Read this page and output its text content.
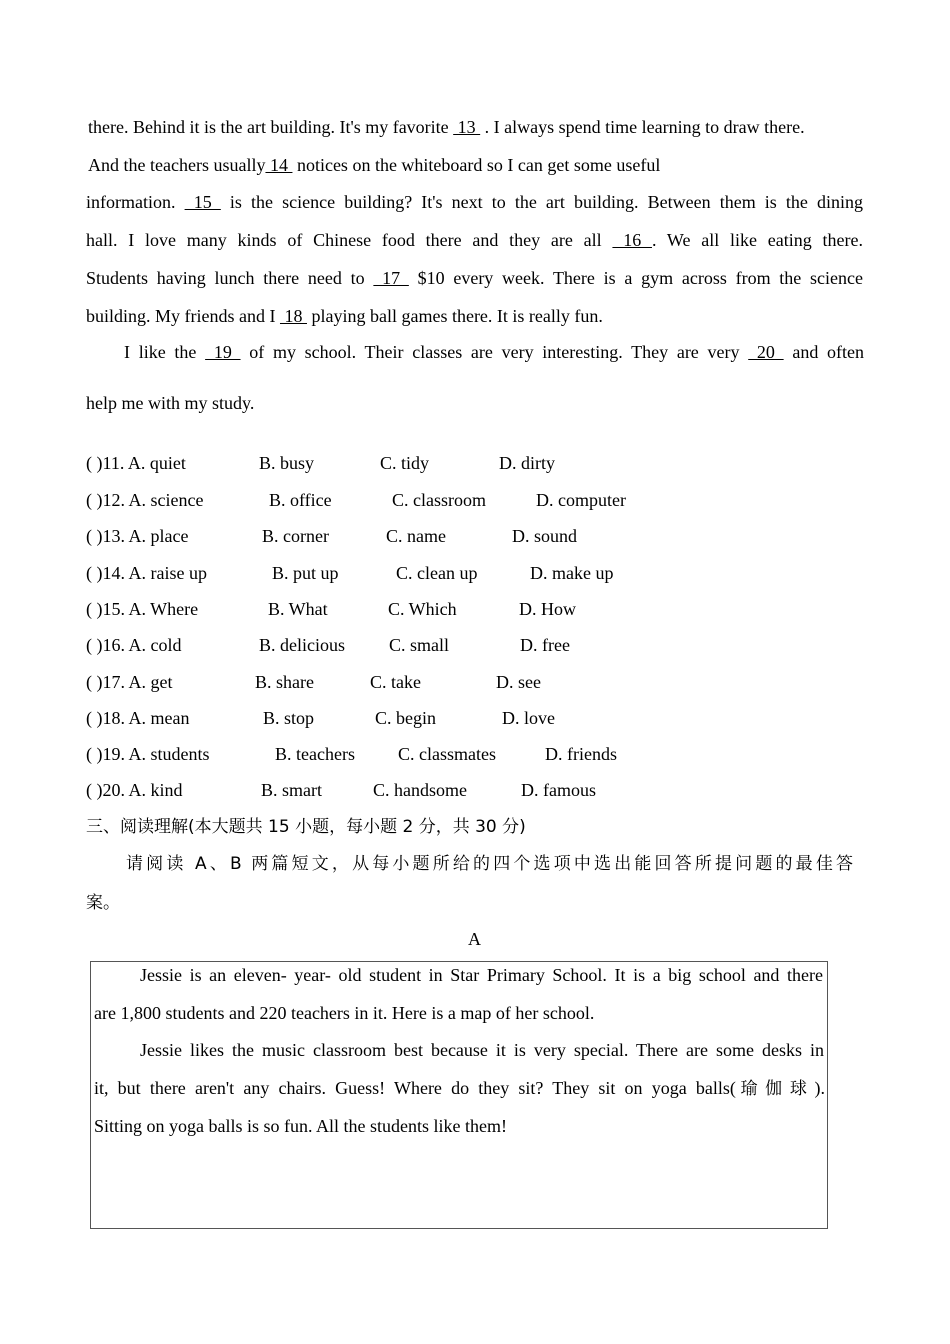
there. Behind it is the art building. It's my favorite  13  . I always spend time learning to draw there.
And the teachers usually 14  notices on the whiteboard so I can get some useful
information.  15  is the science building? It's next to the art building. Between them is the dining
hall. I love many kinds of Chinese food there and they are all  16 . We all like eating there.
Students having lunch there need to  17  $10 every week. There is a gym across from the science
building. My friends and I  18  playing ball games there. It is really fun.
I like the  19  of my school. Their classes are very interesting. They are very  20  and often
help me with my study.
( )11. A. quiet	B. busy	C. tidy	D. dirty
( )12. A. science	B. office	C. classroom	D. computer
( )13. A. place	B. corner	C. name	D. sound
( )14. A. raise up	B. put up	C. clean up	D. make up
( )15. A. Where	B. What	C. Which	D. How
( )16. A. cold	B. delicious C. small	D. free
( )17. A. get	B. share	C. take	D. see
( )18. A. mean	B. stop	C. begin	D. love
( )19. A. students	B. teachers C. classmates	D. friends
( )20. A. kind	B. smart	C. handsome	D. famous
三、阅读理解(本大题共 15 小题，每小题 2 分，共 30 分)
请阅读 A、B 两篇短文，从每小题所给的四个选项中选出能回答所提问题的最佳答
案。
A
Jessie is an eleven- year- old student in Star Primary School. It is a big school and there
are 1,800 students and 220 teachers in it. Here is a map of her school.
Jessie likes the music classroom best because it is very special. There are some desks in
it, but there aren't any chairs. Guess! Where do they sit? They sit on yoga balls(瑜伽球).
Sitting on yoga balls is so fun. All the students like them!
